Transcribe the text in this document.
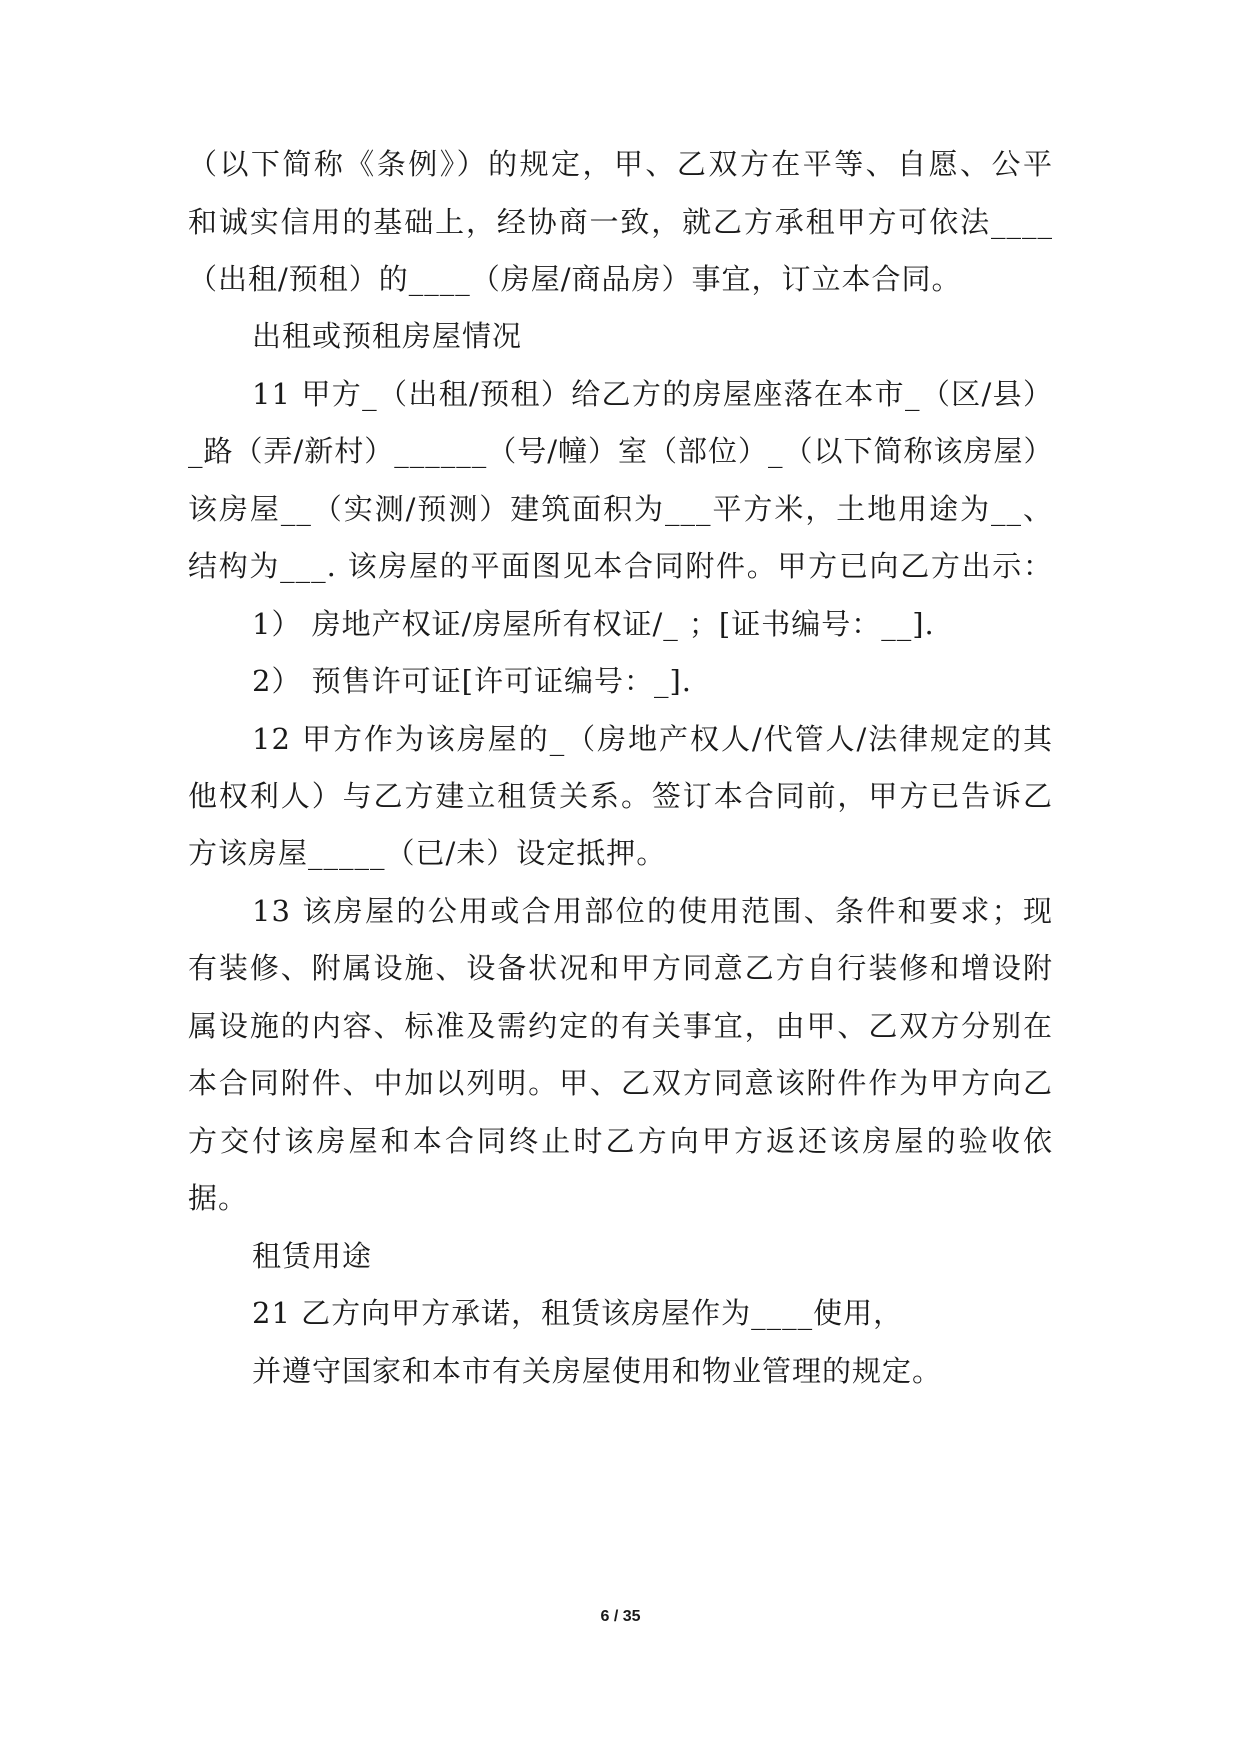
（以下简称《条例》）的规定，甲、乙双方在平等、自愿、公平
和诚实信用的基础上，经协商一致，就乙方承租甲方可依法____
（出租/预租）的____（房屋/商品房）事宜，订立本合同。
出租或预租房屋情况
11 甲方_（出租/预租）给乙方的房屋座落在本市_（区/县）
_路（弄/新村）______（号/幢）室（部位）_（以下简称该房屋）
该房屋__（实测/预测）建筑面积为___平方米，土地用途为__、
结构为___. 该房屋的平面图见本合同附件。甲方已向乙方出示：
1） 房地产权证/房屋所有权证/_ ；[证书编号：__].
2） 预售许可证[许可证编号：_].
12 甲方作为该房屋的_（房地产权人/代管人/法律规定的其
他权利人）与乙方建立租赁关系。签订本合同前，甲方已告诉乙
方该房屋_____（已/未）设定抵押。
13 该房屋的公用或合用部位的使用范围、条件和要求；现
有装修、附属设施、设备状况和甲方同意乙方自行装修和增设附
属设施的内容、标准及需约定的有关事宜，由甲、乙双方分别在
本合同附件、中加以列明。甲、乙双方同意该附件作为甲方向乙
方交付该房屋和本合同终止时乙方向甲方返还该房屋的验收依
据。
租赁用途
21 乙方向甲方承诺，租赁该房屋作为____使用，
并遵守国家和本市有关房屋使用和物业管理的规定。
6 / 35
